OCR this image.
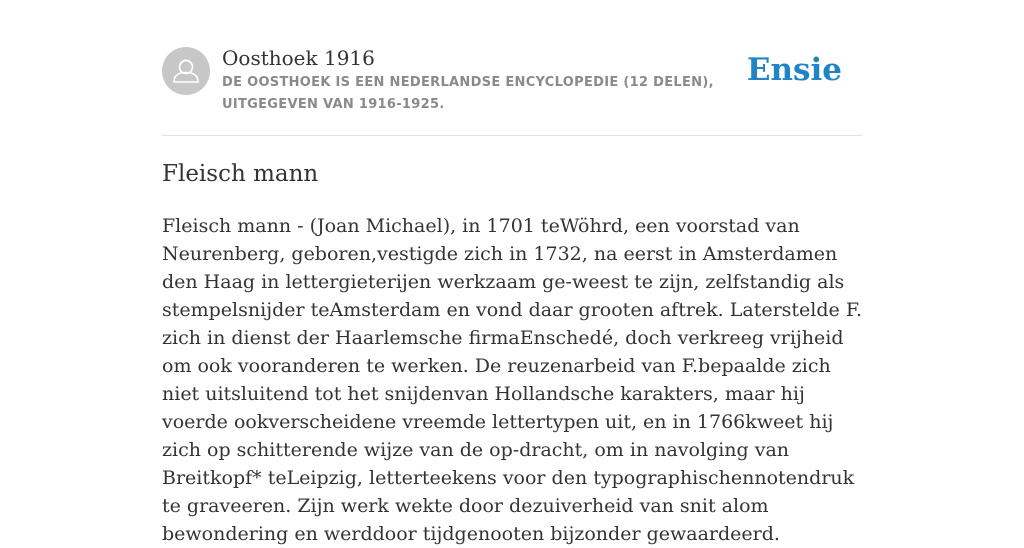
Oosthoek 1916
DE OOSTHOEK IS EEN NEDERLANDSE ENCYCLOPEDIE (12 DELEN), UITGEGEVEN VAN 1916-1925.
Ensie
Fleisch mann

Fleisch mann - (Joan Michael), in 1701 teWöhrd, een voorstad van Neurenberg, geboren,vestigde zich in 1732, na eerst in Amsterdamen den Haag in lettergieterijen werkzaam ge-weest te zijn, zelfstandig als stempelsnijder teAmsterdam en vond daar grooten aftrek. Laterstelde F. zich in dienst der Haarlemsche firmaEnschedé, doch verkreeg vrijheid om ook vooranderen te werken. De reuzenarbeid van F.bepaalde zich niet uitsluitend tot het snijdenvan Hollandsche karakters, maar hij voerde ookverscheidene vreemde lettertypen uit, en in 1766kweet hij zich op schitterende wijze van de op-dracht, om in navolging van Breitkopf* teLeipzig, letterteekens voor den typographischennotendruk te graveeren. Zijn werk wekte door dezuiverheid van snit alom bewondering en werddoor tijdgenooten bijzonder gewaardeerd.
